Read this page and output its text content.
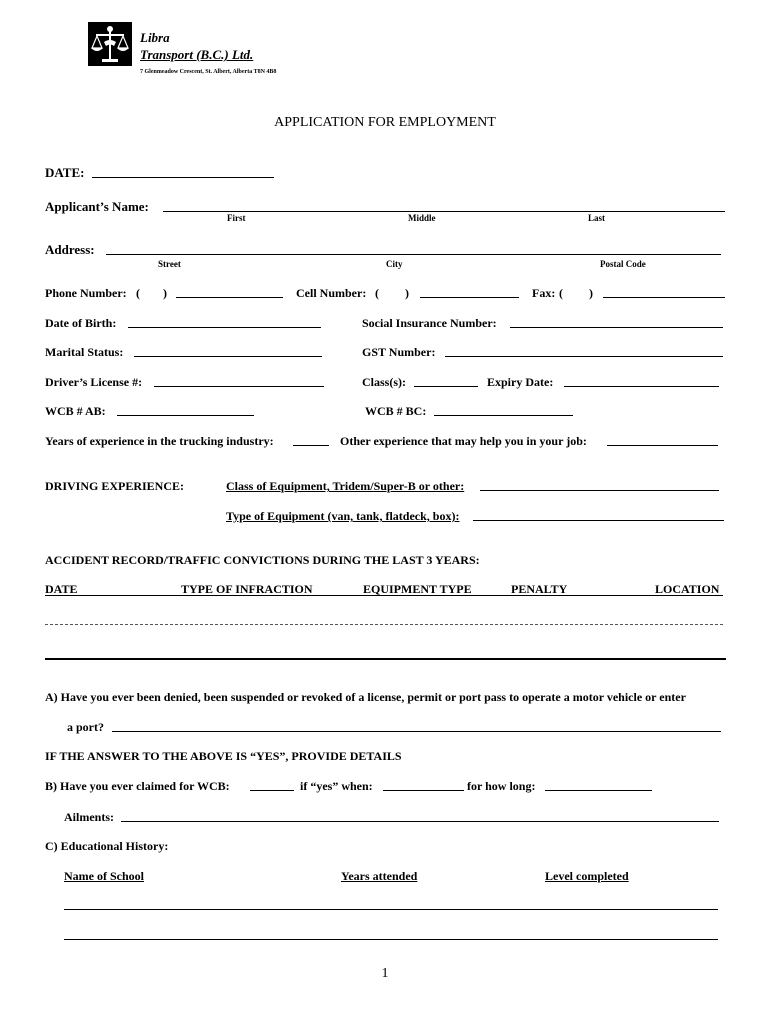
Libra
Transport (B.C.) Ltd.
7 Glenmeadow Crescent, St. Albert, Alberta T8N 4B8
APPLICATION FOR EMPLOYMENT
DATE:
Applicant’s Name:
First	Middle	Last
Address:
Street	City	Postal Code
Phone Number: ( )	Cell Number: ( )	Fax: ( )
Date of Birth:	Social Insurance Number:
Marital Status:	GST Number:
Driver’s License #:	Class(s):	Expiry Date:
WCB # AB:	WCB # BC:
Years of experience in the trucking industry:	Other experience that may help you in your job:
DRIVING EXPERIENCE:	Class of Equipment, Tridem/Super-B or other:
Type of Equipment (van, tank, flatdeck, box):
ACCIDENT RECORD/TRAFFIC CONVICTIONS DURING THE LAST 3 YEARS:
DATE	TYPE OF INFRACTION	EQUIPMENT TYPE	PENALTY	LOCATION
A) Have you ever been denied, been suspended or revoked of a license, permit or port pass to operate a motor vehicle or enter
a port?
IF THE ANSWER TO THE ABOVE IS “YES”, PROVIDE DETAILS
B) Have you ever claimed for WCB:	if “yes” when:	for how long:
Ailments:
C) Educational History:
Name of School	Years attended	Level completed
1
